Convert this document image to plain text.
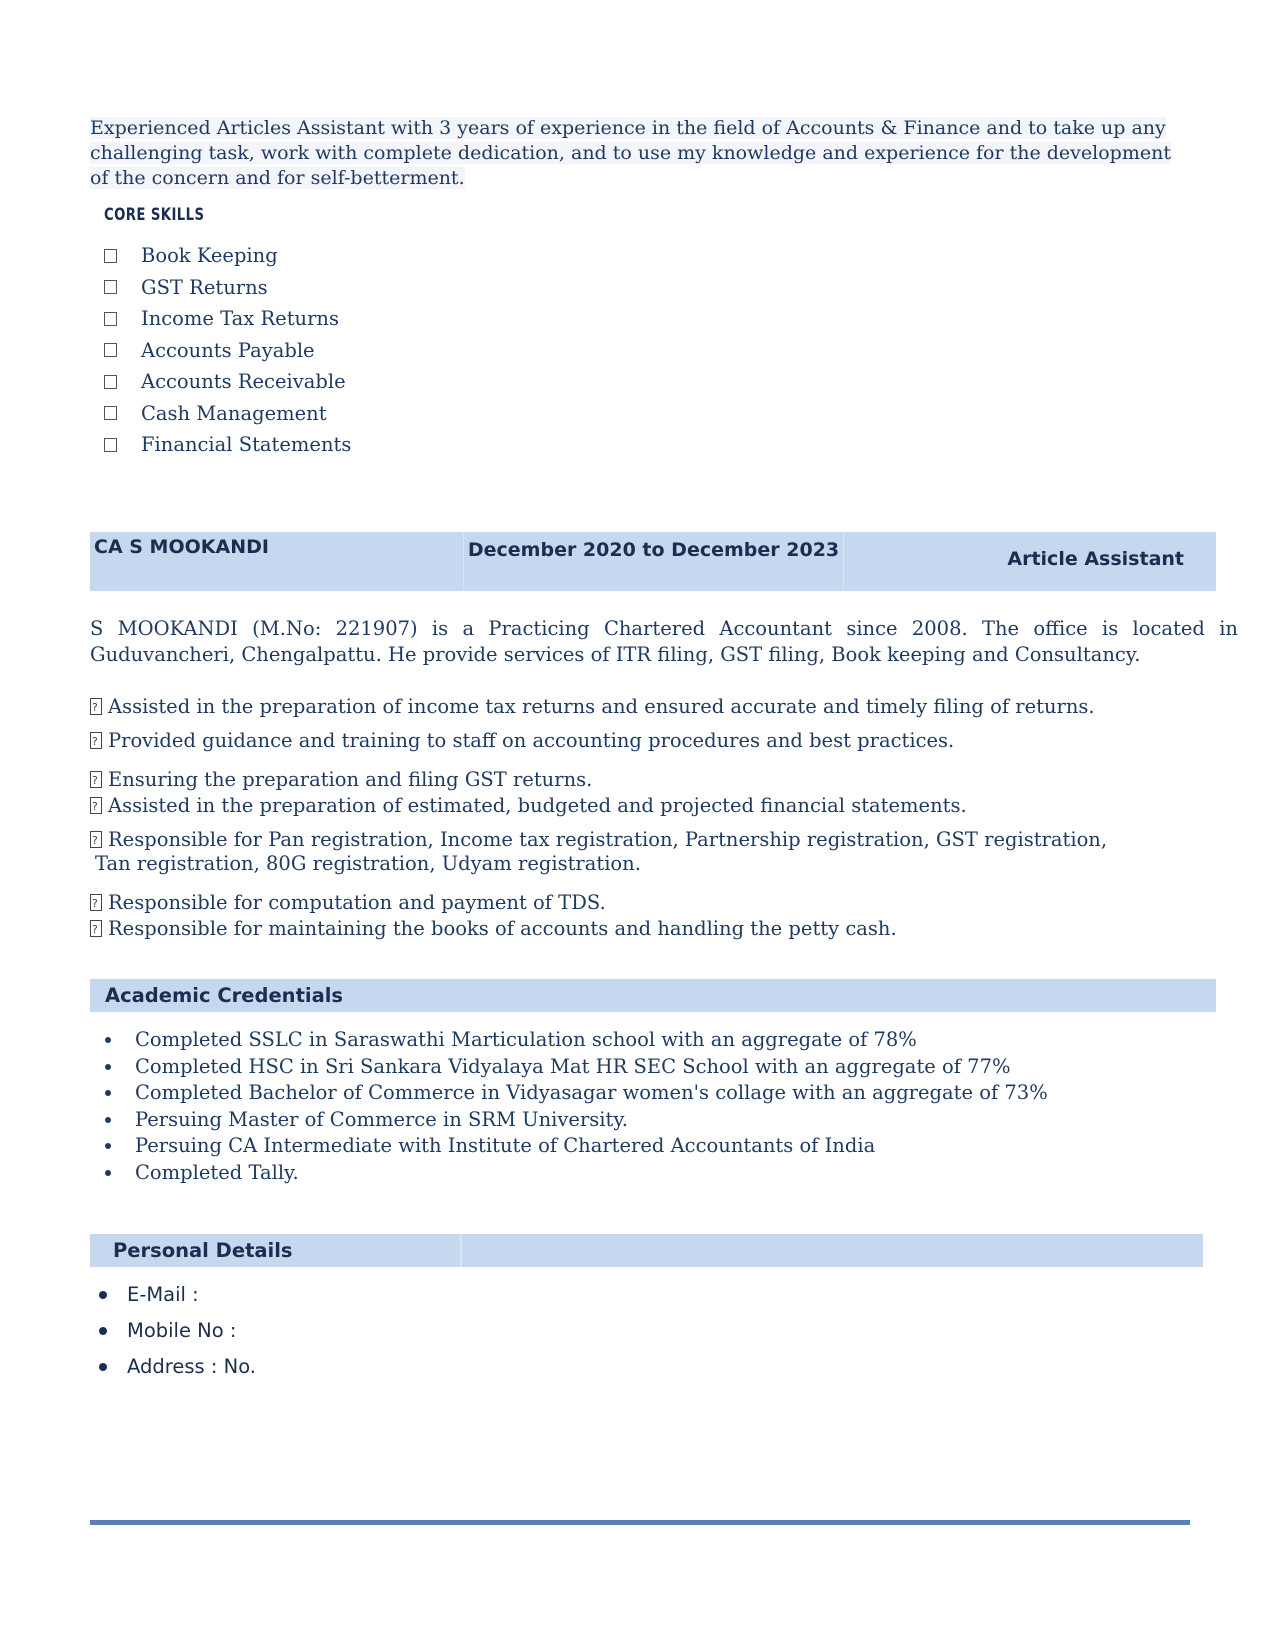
Experienced Articles Assistant with 3 years of experience in the field of Accounts & Finance and to take up any challenging task, work with complete dedication, and to use my knowledge and experience for the development of the concern and for self-betterment.
CORE SKILLS
Book Keeping
GST Returns
Income Tax Returns
Accounts Payable
Accounts Receivable
Cash Management
Financial Statements
CA S MOOKANDI	December 2020 to December 2023	Article Assistant
S MOOKANDI (M.No: 221907) is a Practicing Chartered Accountant since 2008. The office is located in Guduvancheri, Chengalpattu. He provide services of ITR filing, GST filing, Book keeping and Consultancy.
?Assisted in the preparation of income tax returns and ensured accurate and timely filing of returns.
?Provided guidance and training to staff on accounting procedures and best practices.
?Ensuring the preparation and filing GST returns.
?Assisted in the preparation of estimated, budgeted and projected financial statements.
?Responsible for Pan registration, Income tax registration, Partnership registration, GST registration,
Tan registration, 80G registration, Udyam registration.
?Responsible for computation and payment of TDS.
?Responsible for maintaining the books of accounts and handling the petty cash.
Academic Credentials
Completed SSLC in Saraswathi Marticulation school with an aggregate of 78%
Completed HSC in Sri Sankara Vidyalaya Mat HR SEC School with an aggregate of 77%
Completed Bachelor of Commerce in Vidyasagar women's collage with an aggregate of 73%
Persuing Master of Commerce in SRM University.
Persuing CA Intermediate with Institute of Chartered Accountants of India
Completed Tally.
Personal Details
E-Mail :
Mobile No :
Address : No.
